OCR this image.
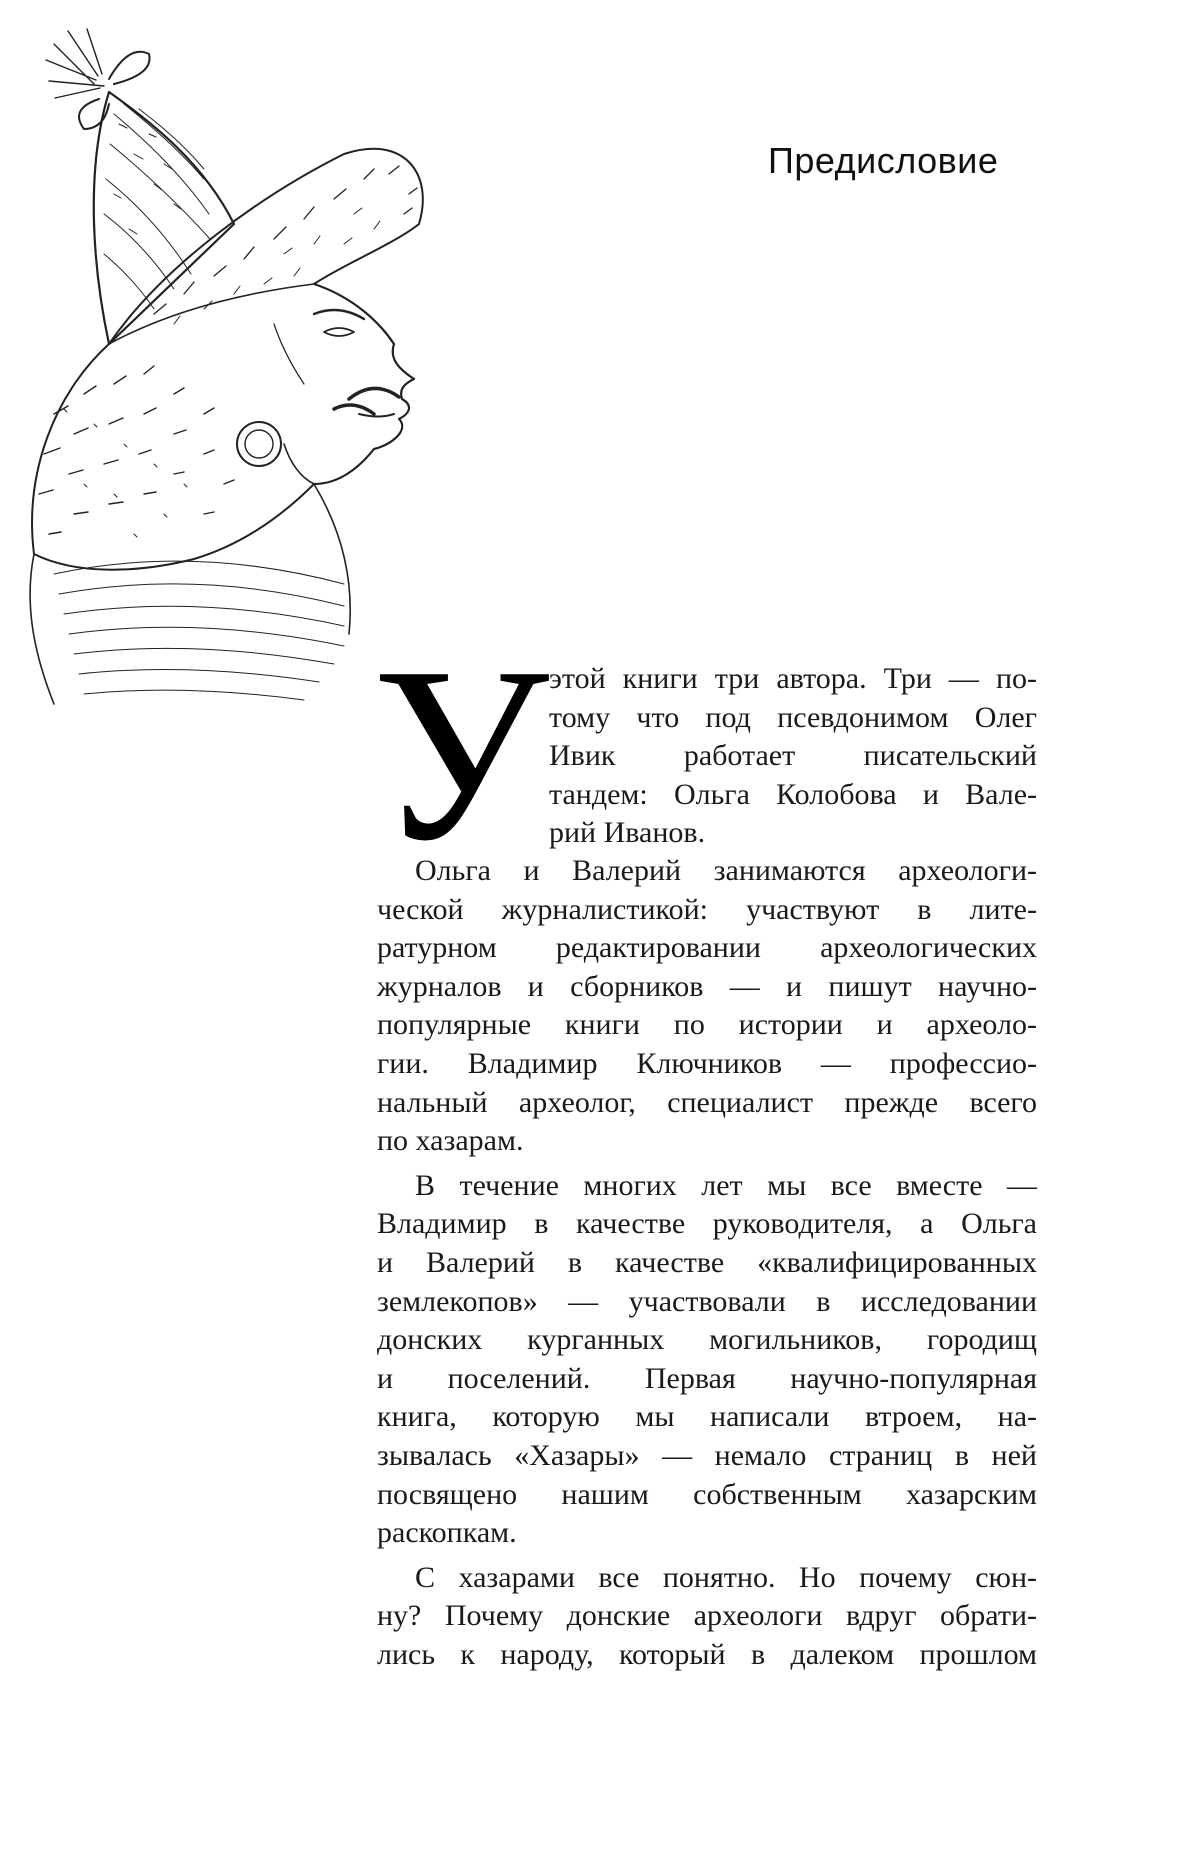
Предисловие
У этой книги три автора. Три — по-
тому что под псевдонимом Олег
Ивик работает писательский
тандем: Ольга Колобова и Вале-
рий Иванов.
Ольга и Валерий занимаются археологи-
ческой журналистикой: участвуют в лите-
ратурном редактировании археологических
журналов и сборников — и пишут научно-
популярные книги по истории и археоло-
гии. Владимир Ключников — профессио-
нальный археолог, специалист прежде всего
по хазарам.
В течение многих лет мы все вместе —
Владимир в качестве руководителя, а Ольга
и Валерий в качестве «квалифицированных
землекопов» — участвовали в исследовании
донских курганных могильников, городищ
и поселений. Первая научно-популярная
книга, которую мы написали втроем, на-
зывалась «Хазары» — немало страниц в ней
посвящено нашим собственным хазарским
раскопкам.
С хазарами все понятно. Но почему сюн-
ну? Почему донские археологи вдруг обрати-
лись к народу, который в далеком прошлом
